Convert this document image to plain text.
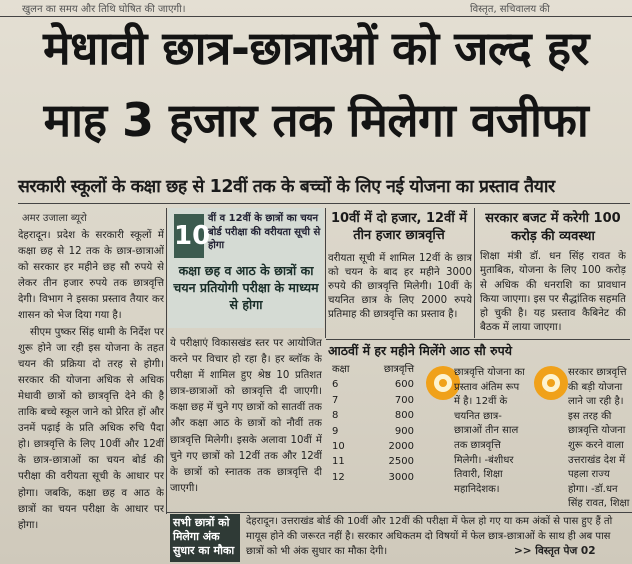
खुलन का समय और तिथि घोषित की जाएगी।	विस्तृत, सचिवालय की
मेधावी छात्र-छात्राओं को जल्द हर
माह 3 हजार तक मिलेगा वजीफा
सरकारी स्कूलों के कक्षा छह से 12वीं तक के बच्चों के लिए नई योजना का प्रस्ताव तैयार
अमर उजाला ब्यूरो

देहरादून। प्रदेश के सरकारी स्कूलों में कक्षा छह से 12 तक के छात्र-छात्राओं को सरकार हर महीने छह सौ रुपये से लेकर तीन हजार रुपये तक छात्रवृत्ति देगी। विभाग ने इसका प्रस्ताव तैयार कर शासन को भेज दिया गया है।

सीएम पुष्कर सिंह धामी के निर्देश पर शुरू होने जा रही इस योजना के तहत चयन की प्रक्रिया दो तरह से होगी। सरकार की योजना अधिक से अधिक मेधावी छात्रों को छात्रवृत्ति देने की है ताकि बच्चे स्कूल जाने को प्रेरित हों और उनमें पढ़ाई के प्रति अधिक रुचि पैदा हो। छात्रवृत्ति के लिए 10वीं और 12वीं के छात्र-छात्राओं का चयन बोर्ड की परीक्षा की वरीयता सूची के आधार पर होगा। जबकि, कक्षा छह व आठ के छात्रों का चयन परीक्षा के आधार पर होगा।

10
वीं व 12वीं के छात्रों का चयन बोर्ड परीक्षा की वरीयता सूची से होगा
कक्षा छह व आठ के छात्रों का चयन प्रतियोगी परीक्षा के माध्यम से होगा
ये परीक्षाएं विकासखंड स्तर पर आयोजित करने पर विचार हो रहा है। हर ब्लॉक के परीक्षा में शामिल हुए श्रेष्ठ 10 प्रतिशत छात्र-छात्राओं को छात्रवृत्ति दी जाएगी। कक्षा छह में चुने गए छात्रों को सातवीं तक और कक्षा आठ के छात्रों को नौवीं तक छात्रवृत्ति मिलेगी। इसके अलावा 10वीं में चुने गए छात्रों को 12वीं तक और 12वीं के छात्रों को स्नातक तक छात्रवृत्ति दी जाएगी।
10वीं में दो हजार, 12वीं में तीन हजार छात्रवृत्ति
वरीयता सूची में शामिल 12वीं के छात्र को चयन के बाद हर महीने 3000 रुपये की छात्रवृत्ति मिलेगी। 10वीं के चयनित छात्र के लिए 2000 रुपये प्रतिमाह की छात्रवृत्ति का प्रस्ताव है।
सरकार बजट में करेगी 100 करोड़ की व्यवस्था
शिक्षा मंत्री डॉ. धन सिंह रावत के मुताबिक, योजना के लिए 100 करोड़ से अधिक की धनराशि का प्रावधान किया जाएगा। इस पर सैद्धांतिक सहमति हो चुकी है। यह प्रस्ताव कैबिनेट की बैठक में लाया जाएगा।
आठवीं में हर महीने मिलेंगे आठ सौ रुपये
कक्षा	छात्रवृत्ति
6	600
7	700
8	800
9	900
10	2000
11	2500
12	3000
छात्रवृत्ति योजना का प्रस्ताव अंतिम रूप में है। 12वीं के चयनित छात्र-छात्राओं तीन साल तक छात्रवृत्ति मिलेगी। -बंशीधर तिवारी, शिक्षा महानिदेशक।
सरकार छात्रवृत्ति की बड़ी योजना लाने जा रही है। इस तरह की छात्रवृत्ति योजना शुरू करने वाला उत्तराखंड देश में पहला राज्य होगा। -डॉ.धन सिंह रावत, शिक्षा
सभी छात्रों को मिलेगा अंक सुधार का मौका
देहरादून। उत्तराखंड बोर्ड की 10वीं और 12वीं की परीक्षा में फेल हो गए या कम अंकों से पास हुए हैं तो मायूस होने की जरूरत नहीं है। सरकार अधिकतम दो विषयों में फेल छात्र-छात्राओं के साथ ही अब पास छात्रों को भी अंक सुधार का मौका देगी।	>> विस्तृत पेज 02
